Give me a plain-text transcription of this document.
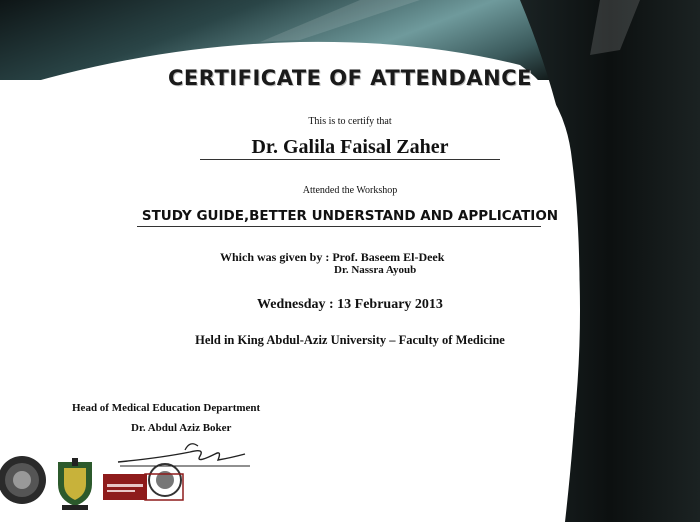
CERTIFICATE OF ATTENDANCE
This is to certify that
Dr. Galila Faisal Zaher
Attended the Workshop
STUDY GUIDE,BETTER UNDERSTAND AND APPLICATION
Which was given by : Prof. Baseem El-Deek
Dr. Nassra Ayoub
Wednesday : 13 February 2013
Held in King Abdul-Aziz University – Faculty of Medicine
Head of Medical Education Department
Dr. Abdul Aziz Boker
